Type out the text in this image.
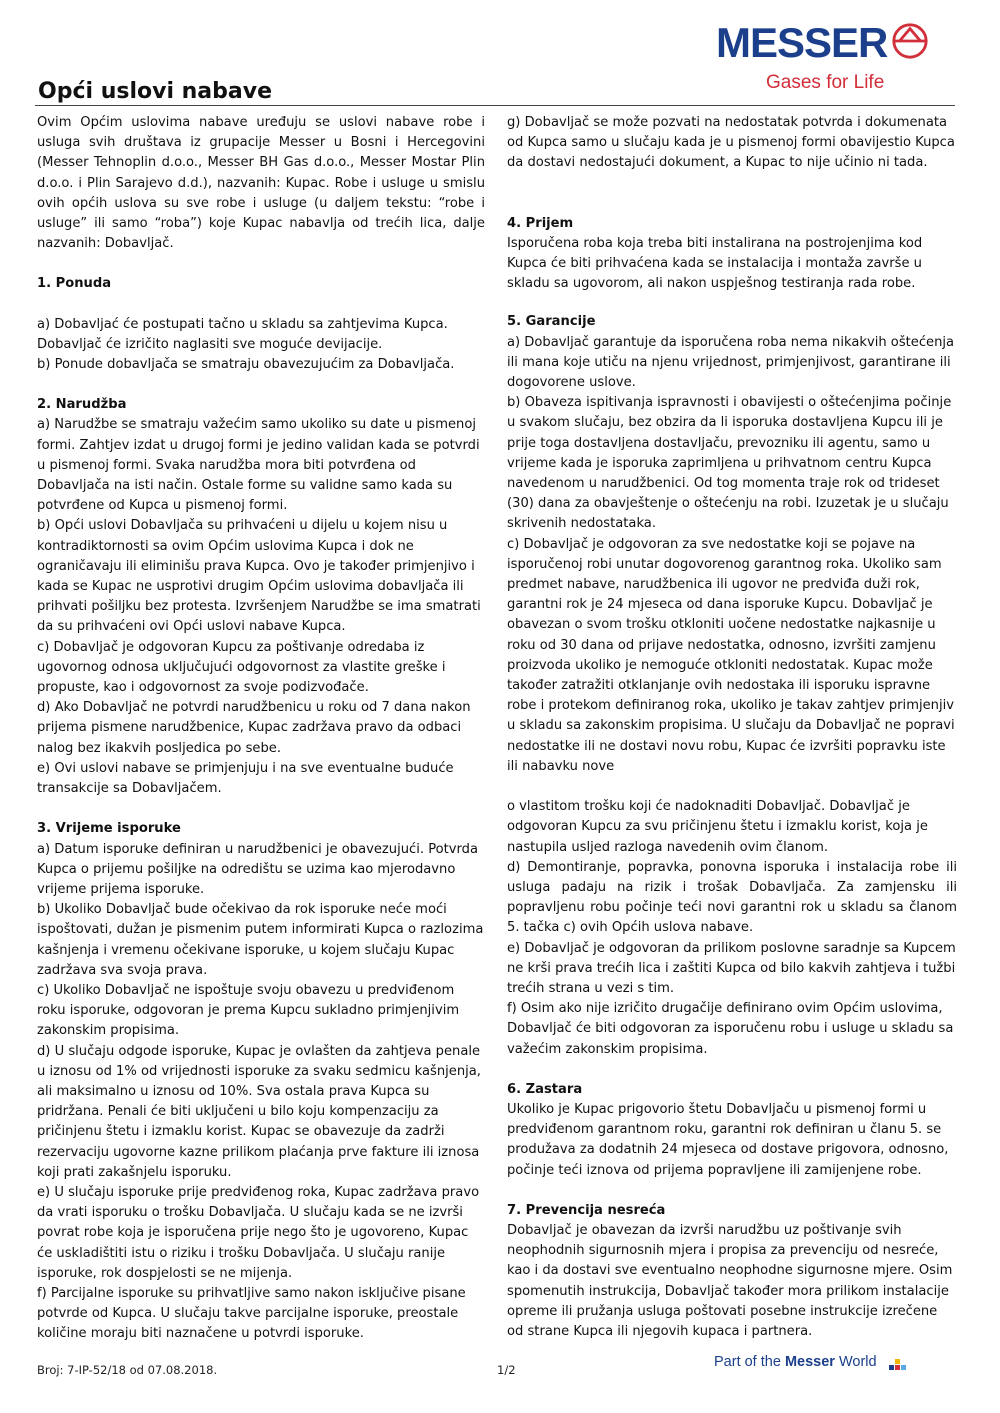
Opći uslovi nabave
MESSER
Gases for Life

Ovim Općim uslovima nabave uređuju se uslovi nabave robe i usluga svih društava iz grupacije Messer u Bosni i Hercegovini (Messer Tehnoplin d.o.o., Messer BH Gas d.o.o., Messer Mostar Plin d.o.o. i Plin Sarajevo d.d.), nazvanih: Kupac. Robe i usluge u smislu ovih općih uslova su sve robe i usluge (u daljem tekstu: “robe i usluge” ili samo “roba”) koje Kupac nabavlja od trećih lica, dalje nazvanih: Dobavljač.

1. Ponuda

a) Dobavljać će postupati tačno u skladu sa zahtjevima Kupca. Dobavljač će izričito naglasiti sve moguće devijacije.

b) Ponude dobavljača se smatraju obavezujućim za Dobavljača.

2. Narudžba

a) Narudžbe se smatraju važećim samo ukoliko su date u pismenoj formi. Zahtjev izdat u drugoj formi je jedino validan kada se potvrdi u pismenoj formi. Svaka narudžba mora biti potvrđena od Dobavljača na isti način. Ostale forme su validne samo kada su potvrđene od Kupca u pismenoj formi.

b) Opći uslovi Dobavljača su prihvaćeni u dijelu u kojem nisu u kontradiktornosti sa ovim Općim uslovima Kupca i dok ne ograničavaju ili eliminišu prava Kupca. Ovo je također primjenjivo i kada se Kupac ne usprotivi drugim Općim uslovima dobavljača ili prihvati pošiljku bez protesta. Izvršenjem Narudžbe se ima smatrati da su prihvaćeni ovi Opći uslovi nabave Kupca.

c) Dobavljač je odgovoran Kupcu za poštivanje odredaba iz ugovornog odnosa uključujući odgovornost za vlastite greške i propuste, kao i odgovornost za svoje podizvođače.

d) Ako Dobavljač ne potvrdi narudžbenicu u roku od 7 dana nakon prijema pismene narudžbenice, Kupac zadržava pravo da odbaci nalog bez ikakvih posljedica po sebe.

e) Ovi uslovi nabave se primjenjuju i na sve eventualne buduće transakcije sa Dobavljačem.

3. Vrijeme isporuke

a) Datum isporuke definiran u narudžbenici je obavezujući. Potvrda Kupca o prijemu pošiljke na odredištu se uzima kao mjerodavno vrijeme prijema isporuke.

b) Ukoliko Dobavljač bude očekivao da rok isporuke neće moći ispoštovati, dužan je pismenim putem informirati Kupca o razlozima kašnjenja i vremenu očekivane isporuke, u kojem slučaju Kupac zadržava sva svoja prava.

c) Ukoliko Dobavljač ne ispoštuje svoju obavezu u predviđenom roku isporuke, odgovoran je prema Kupcu sukladno primjenjivim zakonskim propisima.

d) U slučaju odgode isporuke, Kupac je ovlašten da zahtjeva penale u iznosu od 1% od vrijednosti isporuke za svaku sedmicu kašnjenja, ali maksimalno u iznosu od 10%. Sva ostala prava Kupca su pridržana. Penali će biti uključeni u bilo koju kompenzaciju za pričinjenu štetu i izmaklu korist. Kupac se obavezuje da zadrži rezervaciju ugovorne kazne prilikom plaćanja prve fakture ili iznosa koji prati zakašnjelu isporuku.

e) U slučaju isporuke prije predviđenog roka, Kupac zadržava pravo da vrati isporuku o trošku Dobavljača. U slučaju kada se ne izvrši povrat robe koja je isporučena prije nego što je ugovoreno, Kupac će uskladištiti istu o riziku i trošku Dobavljača. U slučaju ranije isporuke, rok dospjelosti se ne mijenja.

f) Parcijalne isporuke su prihvatljive samo nakon isključive pisane potvrde od Kupca. U slučaju takve parcijalne isporuke, preostale količine moraju biti naznačene u potvrdi isporuke.

g) Dobavljač se može pozvati na nedostatak potvrda i dokumenata od Kupca samo u slučaju kada je u pismenoj formi obavijestio Kupca da dostavi nedostajući dokument, a Kupac to nije učinio ni tada.

4. Prijem

Isporučena roba koja treba biti instalirana na postrojenjima kod Kupca će biti prihvaćena kada se instalacija i montaža završe u skladu sa ugovorom, ali nakon uspješnog testiranja rada robe.

5. Garancije

a) Dobavljač garantuje da isporučena roba nema nikakvih oštećenja ili mana koje utiču na njenu vrijednost, primjenjivost, garantirane ili dogovorene uslove.

b) Obaveza ispitivanja ispravnosti i obavijesti o oštećenjima počinje u svakom slučaju, bez obzira da li isporuka dostavljena Kupcu ili je prije toga dostavljena dostavljaču, prevozniku ili agentu, samo u vrijeme kada je isporuka zaprimljena u prihvatnom centru Kupca navedenom u narudžbenici. Od tog momenta traje rok od trideset (30) dana za obavještenje o oštećenju na robi. Izuzetak je u slučaju skrivenih nedostataka.

c) Dobavljač je odgovoran za sve nedostatke koji se pojave na isporučenoj robi unutar dogovorenog garantnog roka. Ukoliko sam predmet nabave, narudžbenica ili ugovor ne predviđa duži rok, garantni rok je 24 mjeseca od dana isporuke Kupcu. Dobavljač je obavezan o svom trošku otkloniti uočene nedostatke najkasnije u roku od 30 dana od prijave nedostatka, odnosno, izvršiti zamjenu proizvoda ukoliko je nemoguće otkloniti nedostatak. Kupac može također zatražiti otklanjanje ovih nedostaka ili isporuku ispravne robe i protekom definiranog roka, ukoliko je takav zahtjev primjenjiv u skladu sa zakonskim propisima. U slučaju da Dobavljač ne popravi nedostatke ili ne dostavi novu robu, Kupac će izvršiti popravku iste ili nabavku nove

o vlastitom trošku koji će nadoknaditi Dobavljač. Dobavljač je odgovoran Kupcu za svu pričinjenu štetu i izmaklu korist, koja je nastupila usljed razloga navedenih ovim članom.

d) Demontiranje, popravka, ponovna isporuka i instalacija robe ili usluga padaju na rizik i trošak Dobavljača. Za zamjensku ili popravljenu robu počinje teći novi garantni rok u skladu sa članom 5. tačka c) ovih Općih uslova nabave.

e) Dobavljač je odgovoran da prilikom poslovne saradnje sa Kupcem ne krši prava trećih lica i zaštiti Kupca od bilo kakvih zahtjeva i tužbi trećih strana u vezi s tim.

f) Osim ako nije izričito drugačije definirano ovim Općim uslovima, Dobavljač će biti odgovoran za isporučenu robu i usluge u skladu sa važećim zakonskim propisima.

6. Zastara

Ukoliko je Kupac prigovorio štetu Dobavljaču u pismenoj formi u predviđenom garantnom roku, garantni rok definiran u članu 5. se produžava za dodatnih 24 mjeseca od dostave prigovora, odnosno, počinje teći iznova od prijema popravljene ili zamijenjene robe.

7. Prevencija nesreća

Dobavljač je obavezan da izvrši narudžbu uz poštivanje svih neophodnih sigurnosnih mjera i propisa za prevenciju od nesreće, kao i da dostavi sve eventualno neophodne sigurnosne mjere. Osim spomenutih instrukcija, Dobavljač također mora prilikom instalacije opreme ili pružanja usluga poštovati posebne instrukcije izrečene od strane Kupca ili njegovih kupaca i partnera.

Broj: 7-IP-52/18 od 07.08.2018.	1/2	Part of the Messer World
